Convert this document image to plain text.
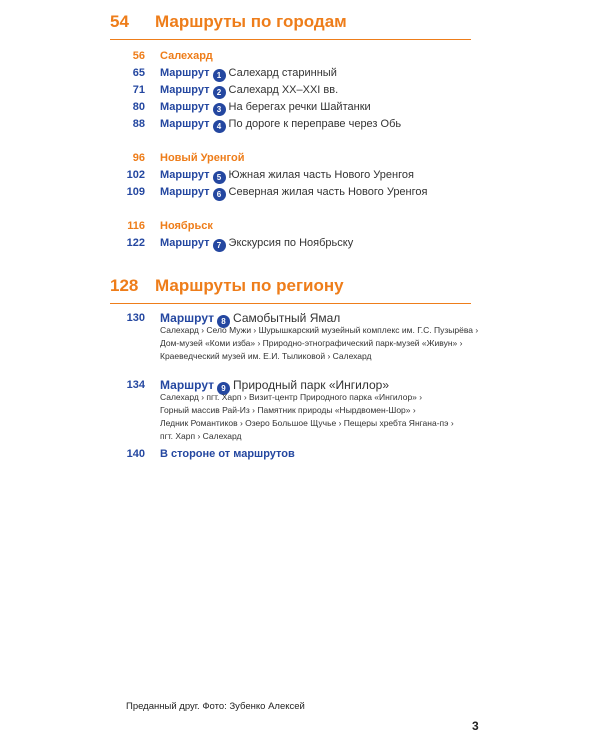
54 Маршруты по городам
56 Салехард
65 Маршрут 1 Салехард старинный
71 Маршрут 2 Салехард XX–XXI вв.
80 Маршрут 3 На берегах речки Шайтанки
88 Маршрут 4 По дороге к переправе через Обь
96 Новый Уренгой
102 Маршрут 5 Южная жилая часть Нового Уренгоя
109 Маршрут 6 Северная жилая часть Нового Уренгоя
116 Ноябрьск
122 Маршрут 7 Экскурсия по Ноябрьску
128 Маршруты по региону
130 Маршрут 8 Самобытный Ямал
Салехард › Село Мужи › Шурышкарский музейный комплекс им. Г.С. Пузырёва ›
Дом-музей «Коми изба» › Природно-этнографический парк-музей «Живун» ›
Краеведческий музей им. Е.И. Тыликовой › Салехард
134 Маршрут 9 Природный парк «Ингилор»
Салехард › пгт. Харп › Визит-центр Природного парка «Ингилор» ›
Горный массив Рай-Из › Памятник природы «Нырдвомен-Шор» ›
Ледник Романтиков › Озеро Большое Щучье › Пещеры хребта Янгана-пэ ›
пгт. Харп › Салехард
140 В стороне от маршрутов
Преданный друг. Фото: Зубенко Алексей
3
